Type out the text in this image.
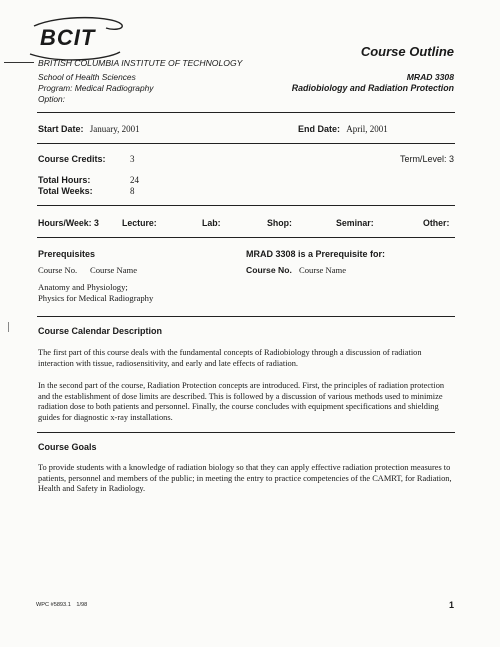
BCIT
BRITISH COLUMBIA INSTITUTE OF TECHNOLOGY
School of Health Sciences
Program: Medical Radiography
Option:
Course Outline
MRAD 3308
Radiobiology and Radiation Protection
Start Date: January, 2001	End Date: April, 2001
Course Credits:	3	Term/Level: 3
Total Hours:	24
Total Weeks:	8
Hours/Week: 3	Lecture:	Lab:	Shop:	Seminar:	Other:
Prerequisites
Course No. Course Name
Anatomy and Physiology;
Physics for Medical Radiography
MRAD 3308 is a Prerequisite for:
Course No. Course Name
Course Calendar Description
The first part of this course deals with the fundamental concepts of Radiobiology through a discussion of radiation interaction with tissue, radiosensitivity, and early and late effects of radiation.
In the second part of the course, Radiation Protection concepts are introduced. First, the principles of radiation protection and the establishment of dose limits are described. This is followed by a discussion of various methods used to minimize radiation dose to both patients and personnel. Finally, the course concludes with equipment specifications and shielding guides for diagnostic x-ray installations.
Course Goals
To provide students with a knowledge of radiation biology so that they can apply effective radiation protection measures to patients, personnel and members of the public; in meeting the entry to practice competencies of the CAMRT, for Radiation, Health and Safety in Radiology.
WPC #5893.1 1/98	1
